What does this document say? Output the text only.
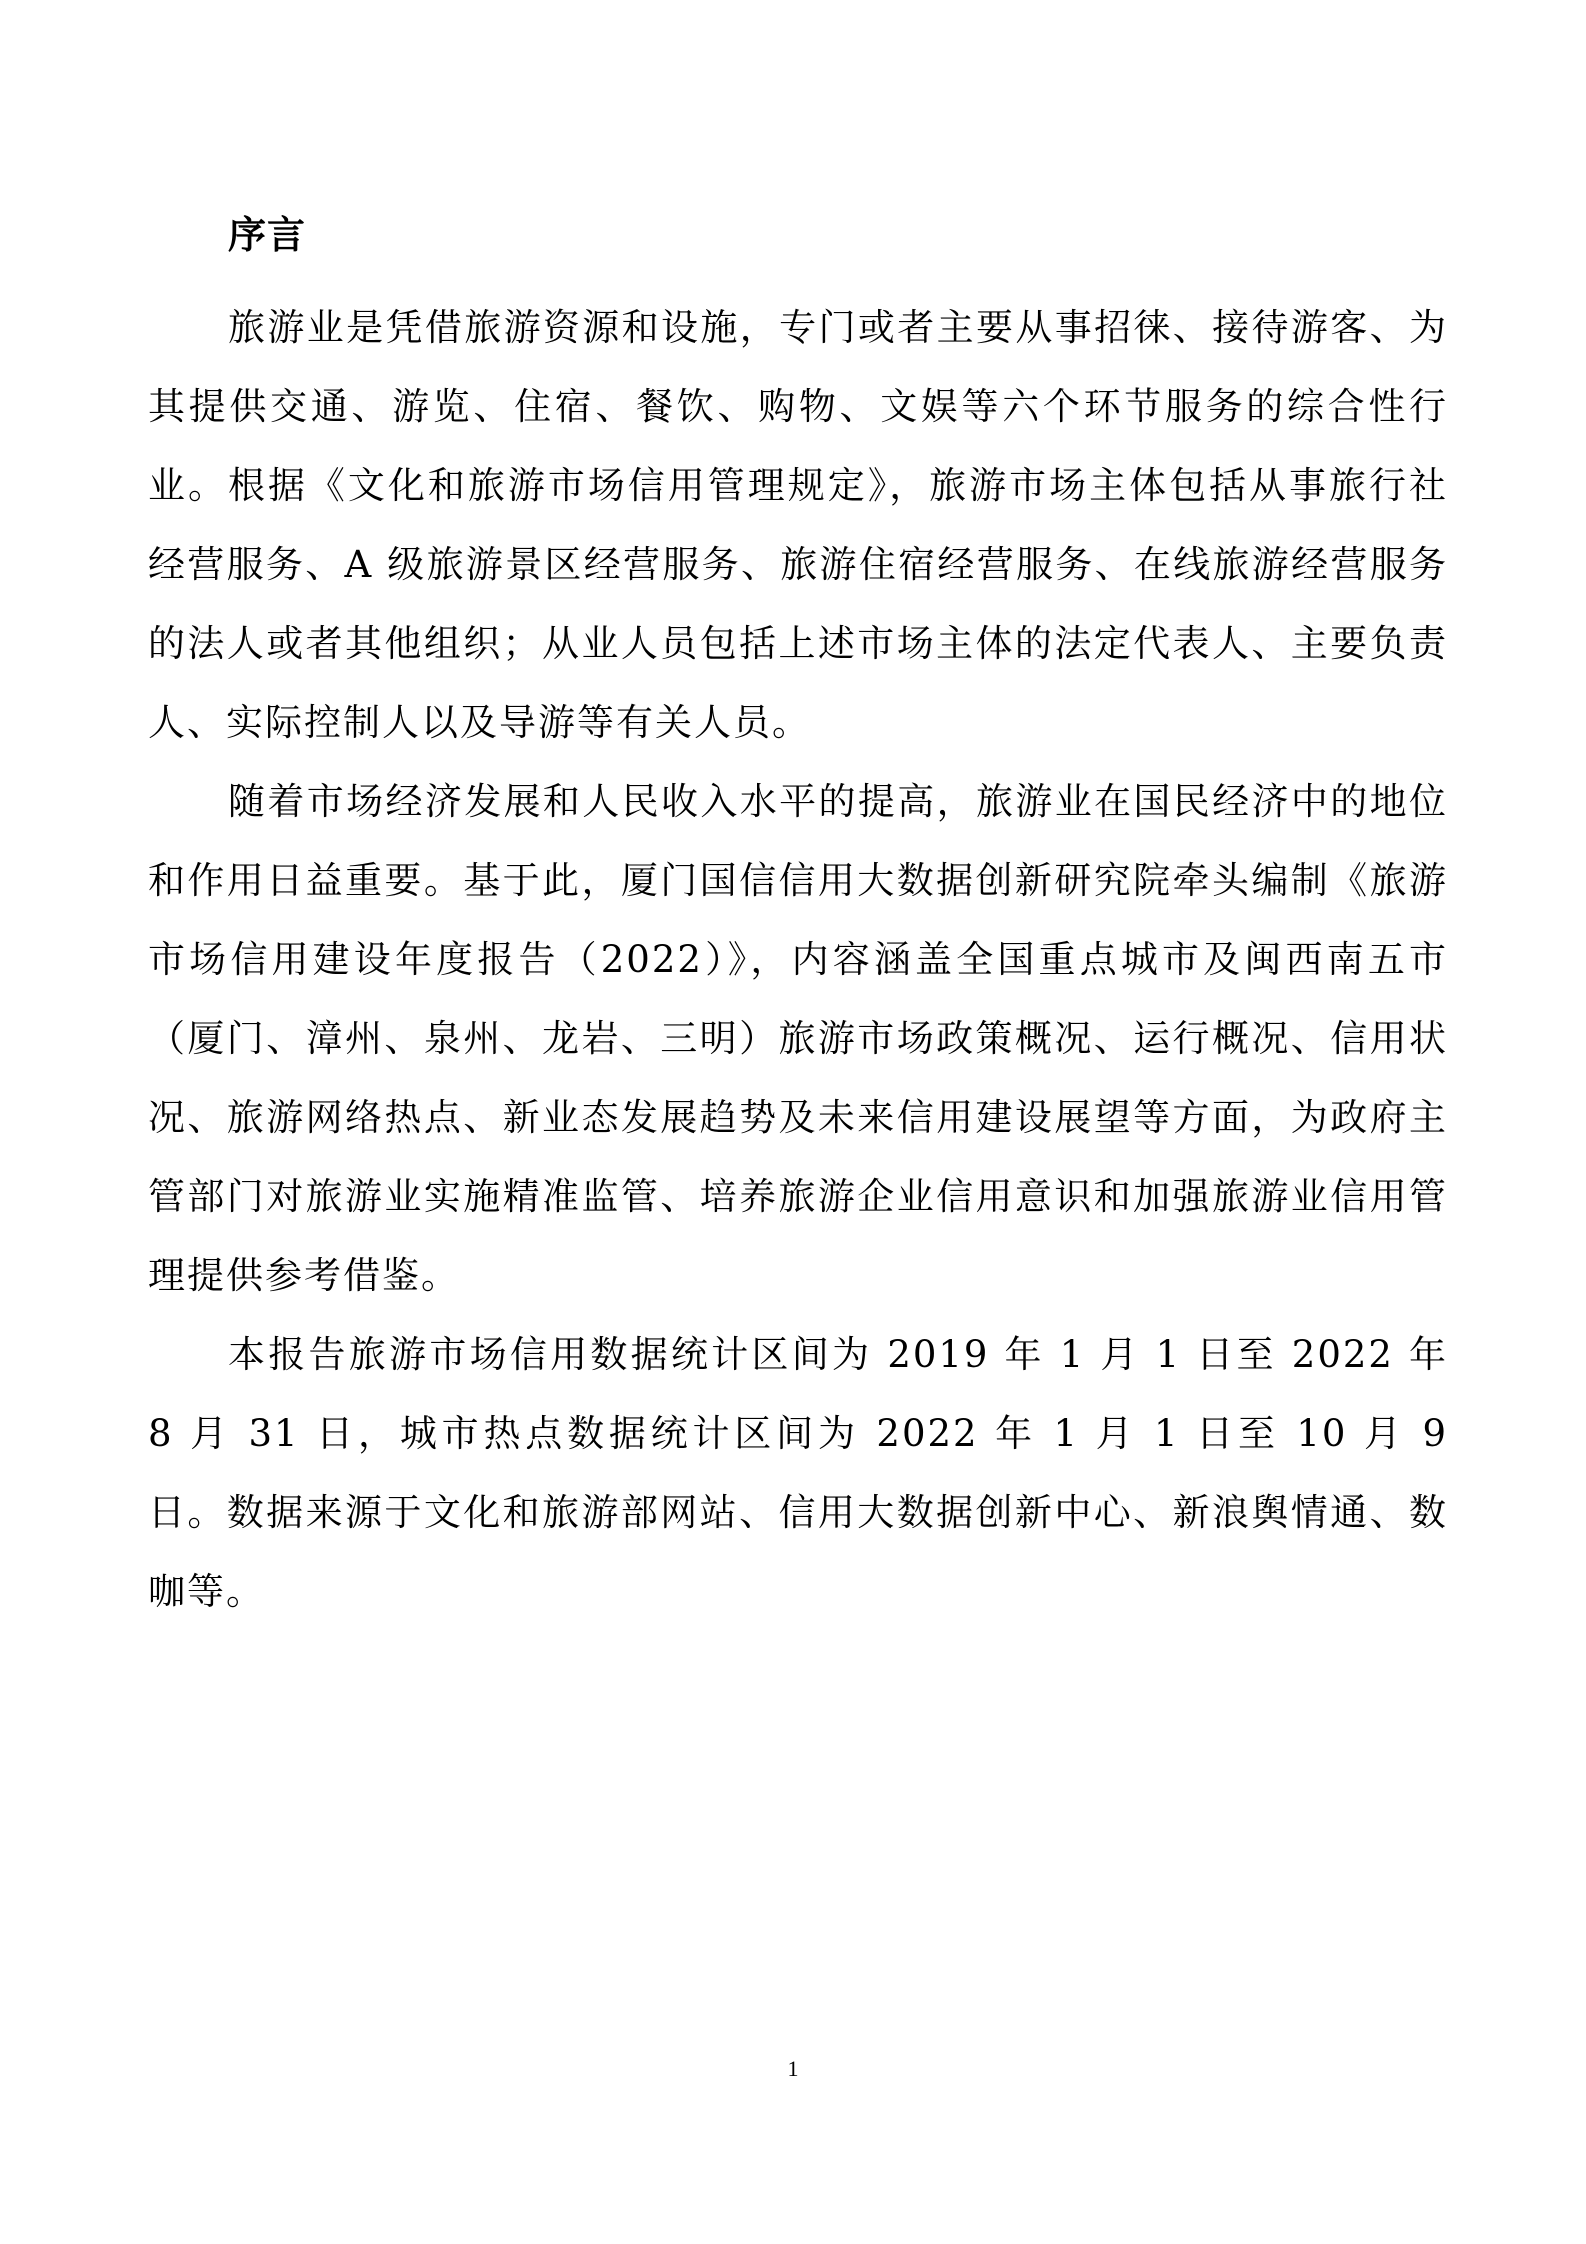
序言

旅游业是凭借旅游资源和设施，专门或者主要从事招徕、接待游客、为其提供交通、游览、住宿、餐饮、购物、文娱等六个环节服务的综合性行业。根据《文化和旅游市场信用管理规定》，旅游市场主体包括从事旅行社经营服务、A 级旅游景区经营服务、旅游住宿经营服务、在线旅游经营服务的法人或者其他组织；从业人员包括上述市场主体的法定代表人、主要负责人、实际控制人以及导游等有关人员。

随着市场经济发展和人民收入水平的提高，旅游业在国民经济中的地位和作用日益重要。基于此，厦门国信信用大数据创新研究院牵头编制《旅游市场信用建设年度报告（2022）》，内容涵盖全国重点城市及闽西南五市（厦门、漳州、泉州、龙岩、三明）旅游市场政策概况、运行概况、信用状况、旅游网络热点、新业态发展趋势及未来信用建设展望等方面，为政府主管部门对旅游业实施精准监管、培养旅游企业信用意识和加强旅游业信用管理提供参考借鉴。

本报告旅游市场信用数据统计区间为 2019 年 1 月 1 日至 2022 年 8 月 31 日，城市热点数据统计区间为 2022 年 1 月 1 日至 10 月 9 日。数据来源于文化和旅游部网站、信用大数据创新中心、新浪舆情通、数咖等。

1
